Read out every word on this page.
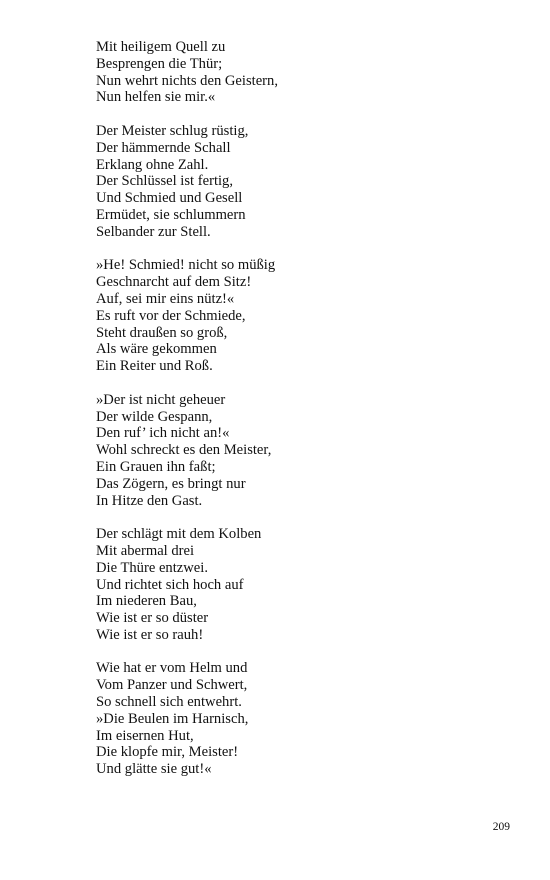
Mit heiligem Quell zu
Besprengen die Thür;
Nun wehrt nichts den Geistern,
Nun helfen sie mir.«
Der Meister schlug rüstig,
Der hämmernde Schall
Erklang ohne Zahl.
Der Schlüssel ist fertig,
Und Schmied und Gesell
Ermüdet, sie schlummern
Selbander zur Stell.
»He! Schmied! nicht so müßig
Geschnarcht auf dem Sitz!
Auf, sei mir eins nütz!«
Es ruft vor der Schmiede,
Steht draußen so groß,
Als wäre gekommen
Ein Reiter und Roß.
»Der ist nicht geheuer
Der wilde Gespann,
Den ruf’ ich nicht an!«
Wohl schreckt es den Meister,
Ein Grauen ihn faßt;
Das Zögern, es bringt nur
In Hitze den Gast.
Der schlägt mit dem Kolben
Mit abermal drei
Die Thüre entzwei.
Und richtet sich hoch auf
Im niederen Bau,
Wie ist er so düster
Wie ist er so rauh!
Wie hat er vom Helm und
Vom Panzer und Schwert,
So schnell sich entwehrt.
»Die Beulen im Harnisch,
Im eisernen Hut,
Die klopfe mir, Meister!
Und glätte sie gut!«
209
